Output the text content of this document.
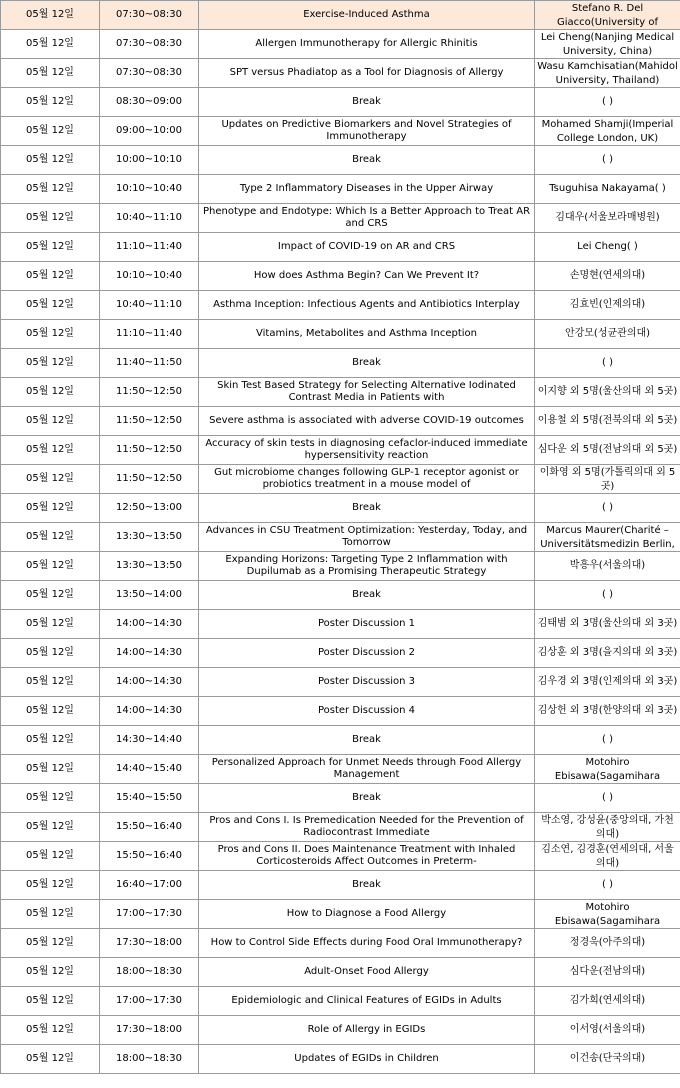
05월 12일	07:30~08:30	Exercise-Induced Asthma	Stefano R. Del Giacco(University of

05월 12일	07:30~08:30	Allergen Immunotherapy for Allergic Rhinitis	Lei Cheng(Nanjing Medical University, China)

05월 12일	07:30~08:30	SPT versus Phadiatop as a Tool for Diagnosis of Allergy	Wasu Kamchisatian(Mahidol University, Thailand)

05월 12일	08:30~09:00	Break	( )

05월 12일	09:00~10:00	Updates on Predictive Biomarkers and Novel Strategies of Immunotherapy	Mohamed Shamji(Imperial College London, UK)

05월 12일	10:00~10:10	Break	( )

05월 12일	10:10~10:40	Type 2 Inflammatory Diseases in the Upper Airway	Tsuguhisa Nakayama( )

05월 12일	10:40~11:10	Phenotype and Endotype: Which Is a Better Approach to Treat AR and CRS	김대우(서울보라매병원)

05월 12일	11:10~11:40	Impact of COVID-19 on AR and CRS	Lei Cheng( )

05월 12일	10:10~10:40	How does Asthma Begin? Can We Prevent It?	손명현(연세의대)

05월 12일	10:40~11:10	Asthma Inception: Infectious Agents and Antibiotics Interplay	김효빈(인제의대)

05월 12일	11:10~11:40	Vitamins, Metabolites and Asthma Inception	안강모(성균관의대)

05월 12일	11:40~11:50	Break	( )

05월 12일	11:50~12:50	Skin Test Based Strategy for Selecting Alternative Iodinated Contrast Media in Patients with	이지향 외 5명(울산의대 외 5곳)

05월 12일	11:50~12:50	Severe asthma is associated with adverse COVID-19 outcomes	이용철 외 5명(전북의대 외 5곳)

05월 12일	11:50~12:50	Accuracy of skin tests in diagnosing cefaclor-induced immediate hypersensitivity reaction	심다운 외 5명(전남의대 외 5곳)

05월 12일	11:50~12:50	Gut microbiome changes following GLP-1 receptor agonist or probiotics treatment in a mouse model of	이화영 외 5명(가톨릭의대 외 5곳)

05월 12일	12:50~13:00	Break	( )

05월 12일	13:30~13:50	Advances in CSU Treatment Optimization: Yesterday, Today, and Tomorrow	Marcus Maurer(Charité – Universitätsmedizin Berlin,

05월 12일	13:30~13:50	Expanding Horizons: Targeting Type 2 Inflammation with Dupilumab as a Promising Therapeutic Strategy	박흥우(서울의대)

05월 12일	13:50~14:00	Break	( )

05월 12일	14:00~14:30	Poster Discussion 1	김태범 외 3명(울산의대 외 3곳)

05월 12일	14:00~14:30	Poster Discussion 2	김상훈 외 3명(을지의대 외 3곳)

05월 12일	14:00~14:30	Poster Discussion 3	김우경 외 3명(인제의대 외 3곳)

05월 12일	14:00~14:30	Poster Discussion 4	김상헌 외 3명(한양의대 외 3곳)

05월 12일	14:30~14:40	Break	( )

05월 12일	14:40~15:40	Personalized Approach for Unmet Needs through Food Allergy Management	Motohiro Ebisawa(Sagamihara

05월 12일	15:40~15:50	Break	( )

05월 12일	15:50~16:40	Pros and Cons I. Is Premedication Needed for the Prevention of Radiocontrast Immediate	박소영, 강성윤(중앙의대, 가천의대)

05월 12일	15:50~16:40	Pros and Cons II. Does Maintenance Treatment with Inhaled Corticosteroids Affect Outcomes in Preterm-	김소연, 김경훈(연세의대, 서울의대)

05월 12일	16:40~17:00	Break	( )

05월 12일	17:00~17:30	How to Diagnose a Food Allergy	Motohiro Ebisawa(Sagamihara

05월 12일	17:30~18:00	How to Control Side Effects during Food Oral Immunotherapy?	정경욱(아주의대)

05월 12일	18:00~18:30	Adult-Onset Food Allergy	심다운(전남의대)

05월 12일	17:00~17:30	Epidemiologic and Clinical Features of EGIDs in Adults	김가희(연세의대)

05월 12일	17:30~18:00	Role of Allergy in EGIDs	이서영(서울의대)

05월 12일	18:00~18:30	Updates of EGIDs in Children	이건송(단국의대)
